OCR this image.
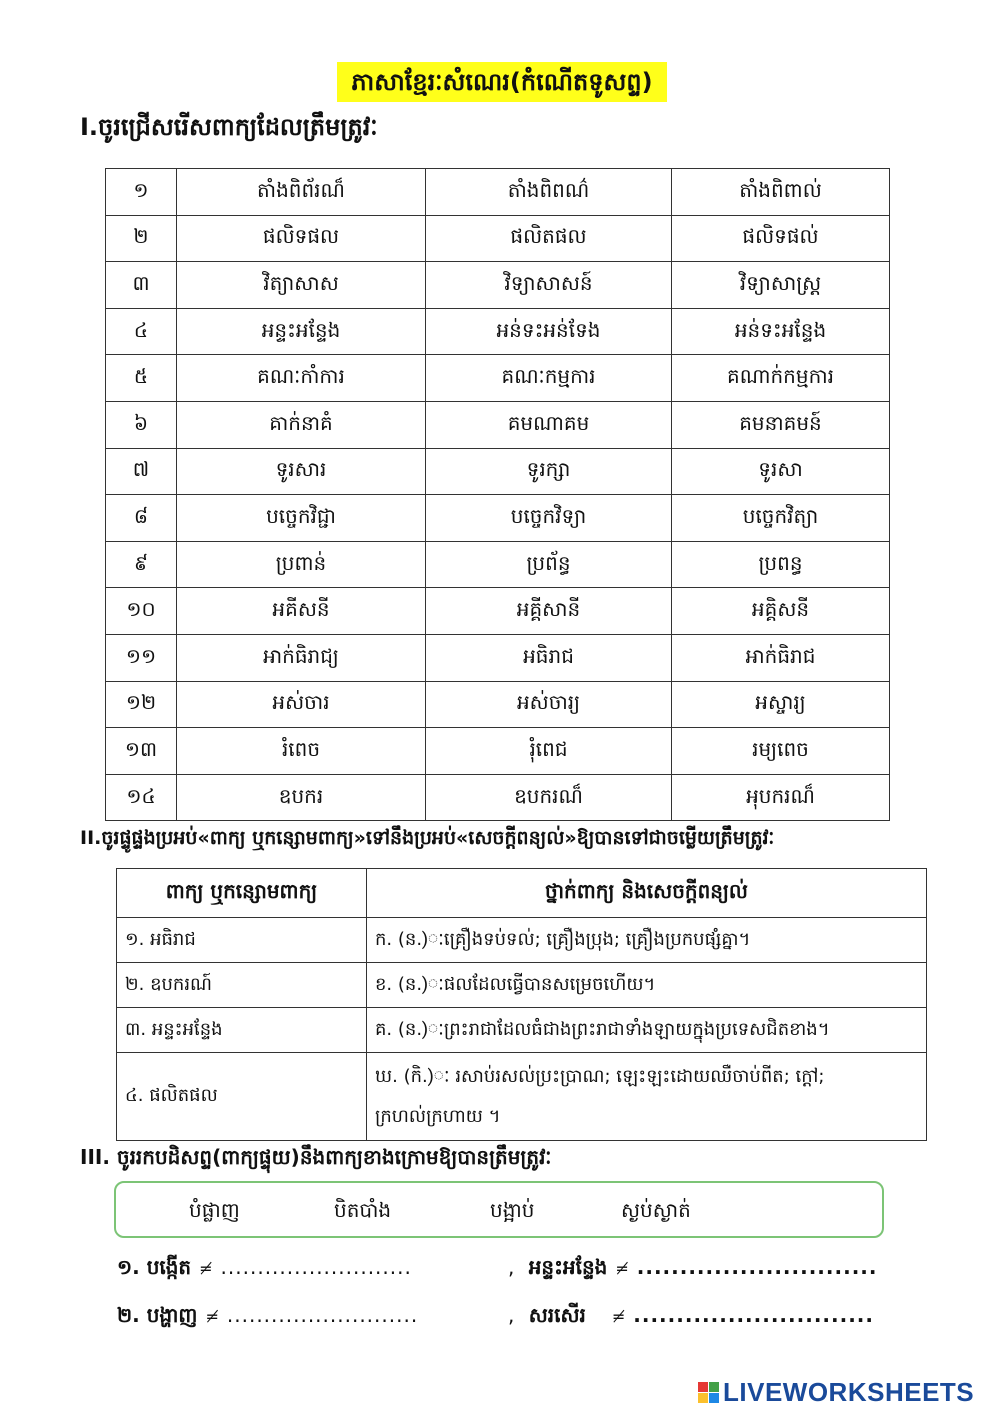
ភាសាខ្មែរៈសំណេរ(កំណើតទូសព្ទ)
I.ចូរជ្រើសរើសពាក្យដែលត្រឹមត្រូវៈ
១	តាំងពិព័រណ៏	តាំងពិពណ៌	តាំងពិពាល់
២	ផលិទផល	ផលិតផល	ផលិទផល់
៣	វិត្យាសាស	វិទ្យាសាសន៍	វិទ្យាសាស្ត្រ
៤	អន្ទះអន្ទែង	អន់ទះអន់ទែង	អន់ទះអន្ទែង
៥	គណៈកាំការ	គណៈកម្មការ	គណាក់កម្មការ
៦	គាក់នាគំ	គមណាគម	គមនាគមន៍
៧	ទូរសារ	ទូរក្សា	ទូរសា
៨	បច្ចេកវិជ្ជា	បច្ចេកវិទ្យា	បច្ចេកវិត្យា
៩	ប្រពាន់	ប្រព័ន្ធ	ប្រពន្ធ
១០	អគីសនី	អគ្គីសានី	អគ្គិសនី
១១	អាក់ធិរាជ្យ	អធិរាជ	អាក់ធិរាជ
១២	អស់ចារ	អស់ចារ្យ	អស្ចារ្យ
១៣	រំពេច	រុំពេជ	រម្យពេច
១៤	ឧបករ	ឧបករណ៏	អុបករណ៏
II.ចូរផ្ទូផ្ទងប្រអប់«ពាក្យ ឬកន្សោមពាក្យ»ទៅនឹងប្រអប់«សេចក្ដីពន្យល់»ឱ្យបានទៅជាចម្លើយត្រឹមត្រូវៈ
ពាក្យ ឬកន្សោមពាក្យ	ថ្នាក់ពាក្យ និងសេចក្ដីពន្យល់
១. អធិរាជ	ក. (ន.)ៈគ្រឿងទប់ទល់; គ្រឿងប្រុង; គ្រឿងប្រកបផ្សំគ្នា។
២. ឧបករណ៍	ខ. (ន.)ៈផលដែលធ្វើបានសម្រេចហើយ។
៣. អន្ទះអន្ទែង	គ. (ន.)ៈព្រះរាជាដែលធំជាងព្រះរាជាទាំងឡាយក្នុងប្រទេសជិតខាង។
៤. ផលិតផល	ឃ. (កិ.)ៈ រសាប់រសល់ប្រះប្រាណ; ឡេះឡះដោយឈឺចាប់ពីត; ក្ដៅ;
ក្រហល់ក្រហាយ ។
III. ចូររកបដិសព្ទ(ពាក្យផ្ទុយ)នឹងពាក្យខាងក្រោមឱ្យបានត្រឹមត្រូវៈ
បំផ្លាញ	បិតបាំង	បង្អាប់	ស្ងប់ស្ងាត់
១. បង្កើត ≠ ..........................	, អន្ទះអន្ទែង ≠ ............................
២. បង្ហាញ ≠ ..........................	, សរសើរ ≠ ............................
LIVEWORKSHEETS
